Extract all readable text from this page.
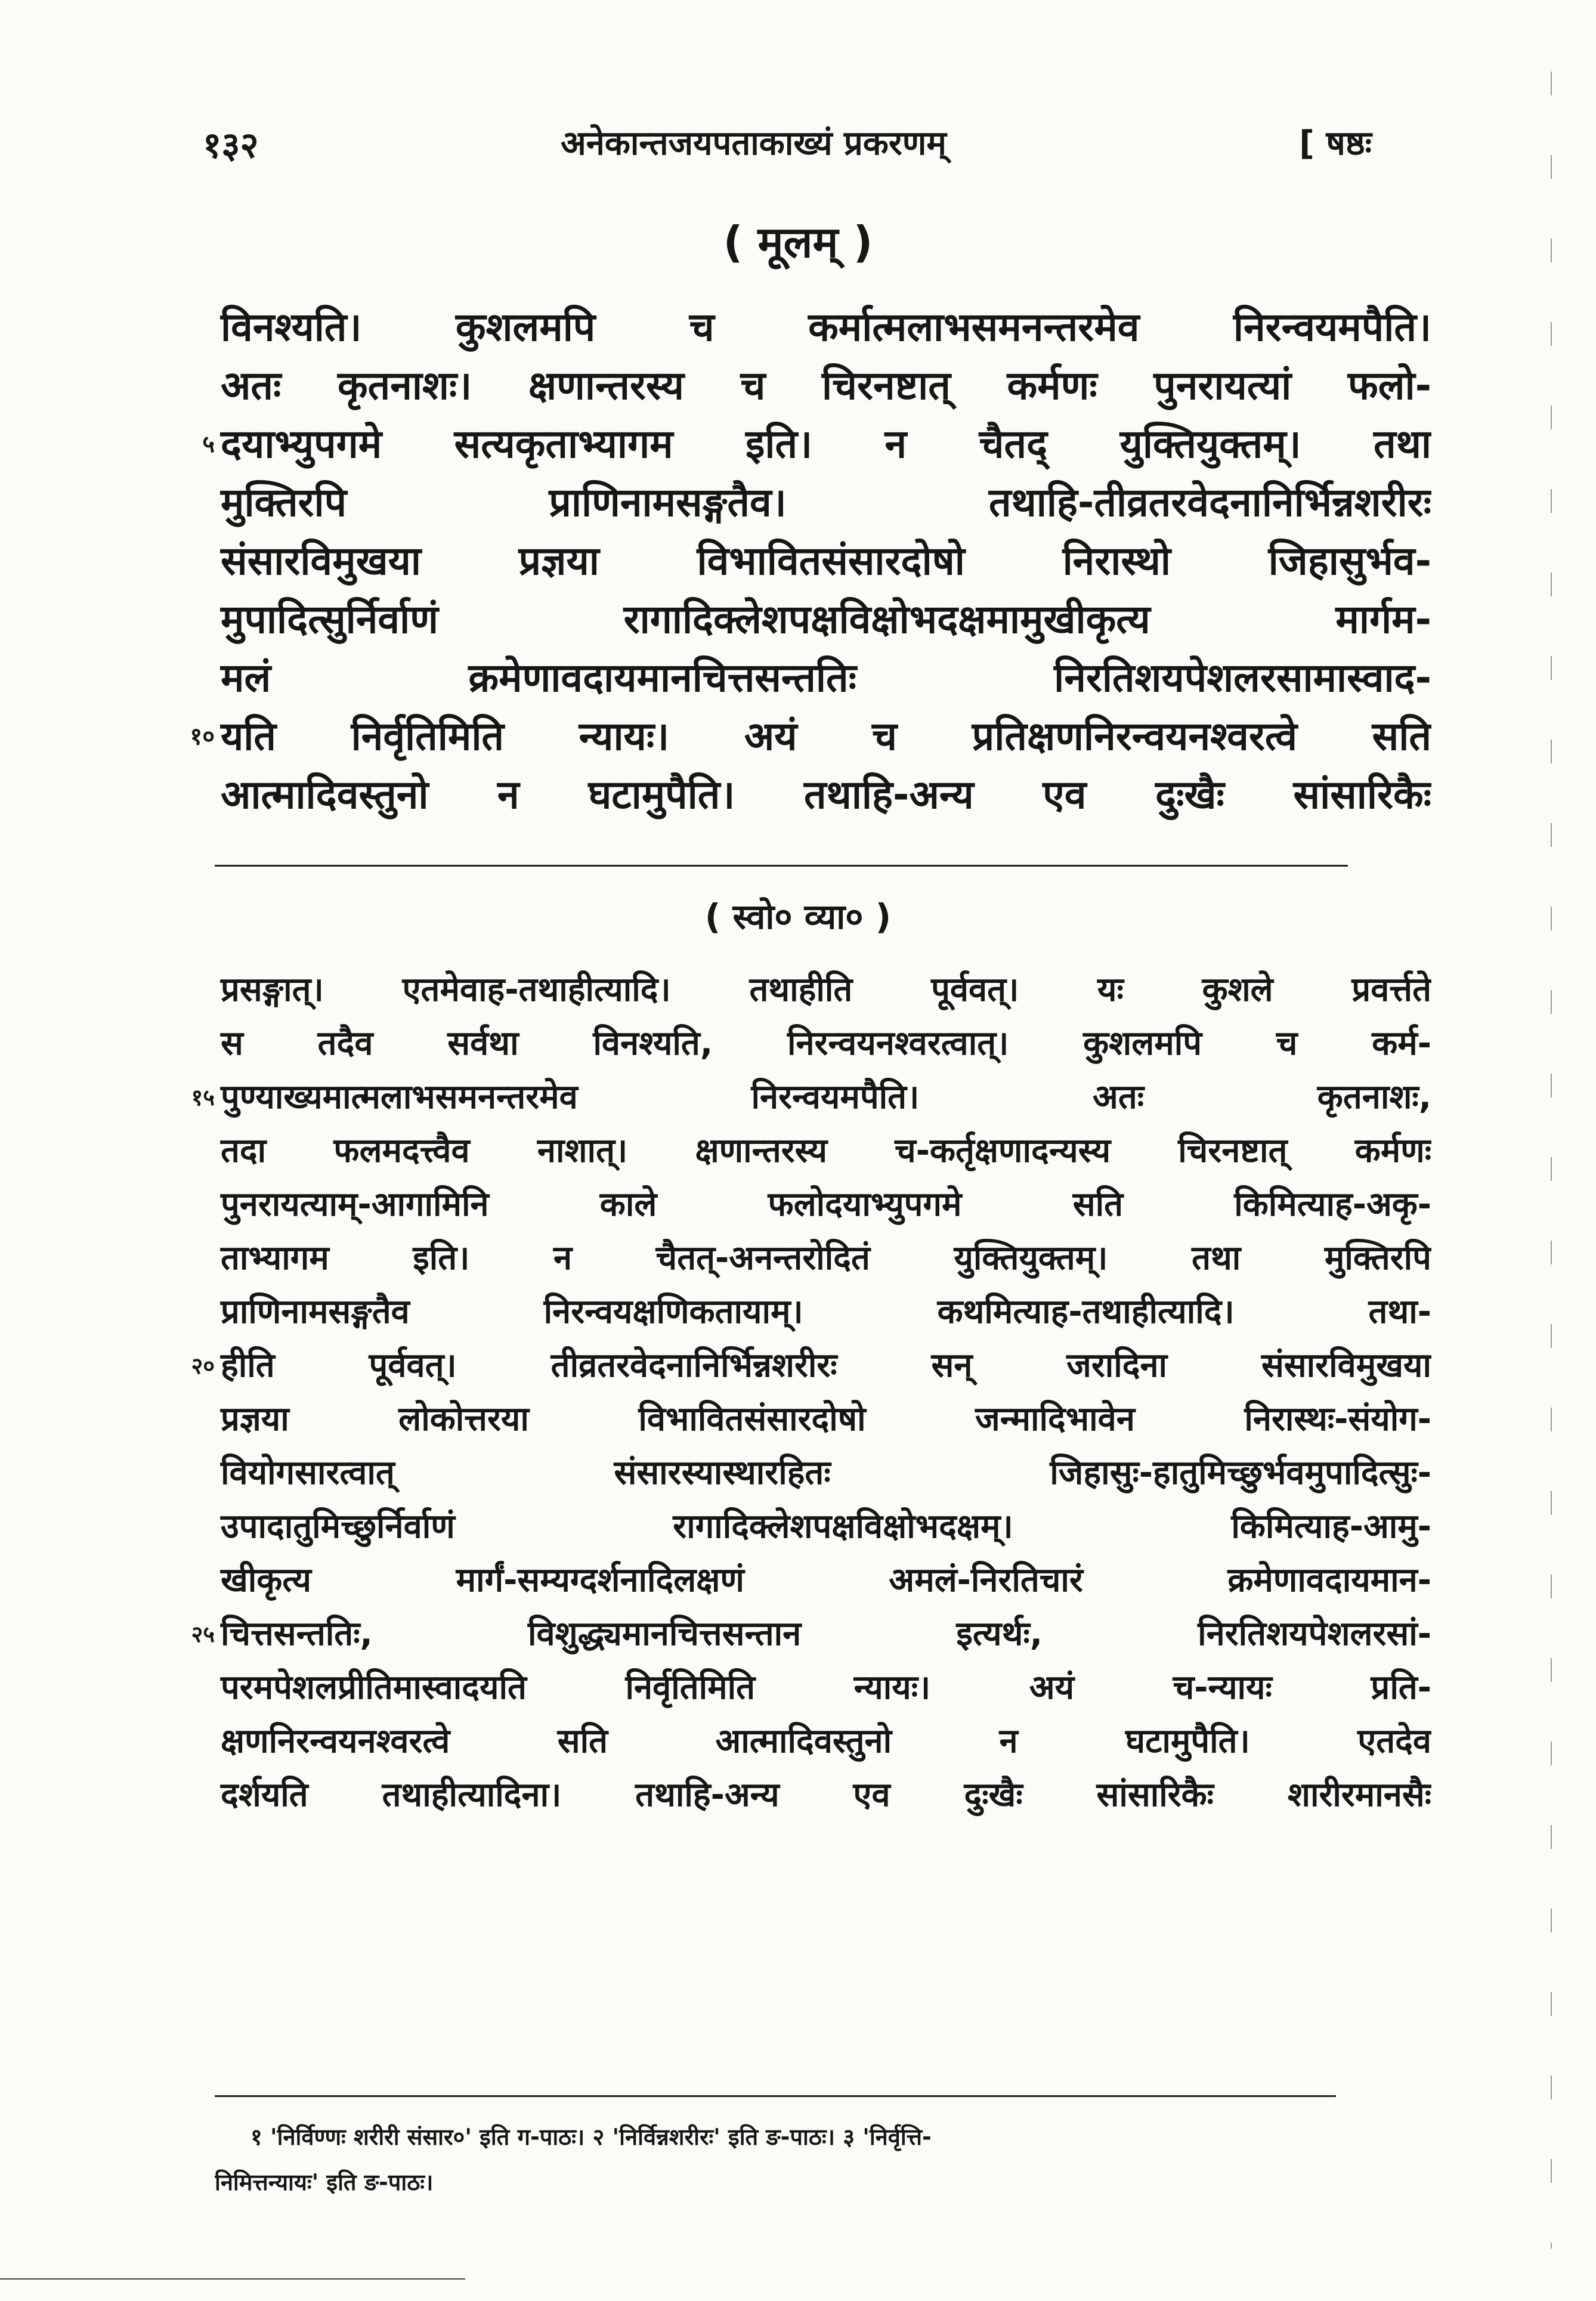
१३२	अनेकान्तजयपताकाख्यं प्रकरणम्	[ षष्ठः
( मूलम् )
विनश्यति। कुशलमपि च कर्मात्मलाभसमनन्तरमेव निरन्वयमपैति।
अतः कृतनाशः। क्षणान्तरस्य च चिरनष्टात् कर्मणः पुनरायत्यां फलो-
५ दयाभ्युपगमे सत्यकृताभ्यागम इति। न चैतद् युक्तियुक्तम्। तथा
मुक्तिरपि प्राणिनामसङ्गतैव। तथाहि-तीव्रतरवेदनानिर्भिन्नशरीरः
संसारविमुखया प्रज्ञया विभावितसंसारदोषो निरास्थो जिहासुर्भव-
मुपादित्सुर्निर्वाणं रागादिक्लेशपक्षविक्षोभदक्षमामुखीकृत्य मार्गम-
मलं क्रमेणावदायमानचित्तसन्ततिः निरतिशयपेशलरसामास्वाद-
१० यति निर्वृतिमिति न्यायः। अयं च प्रतिक्षणनिरन्वयनश्वरत्वे सति
आत्मादिवस्तुनो न घटामुपैति। तथाहि-अन्य एव दुःखैः सांसारिकैः
( स्वो० व्या० )
प्रसङ्गात्। एतमेवाह-तथाहीत्यादि। तथाहीति पूर्ववत्। यः कुशले प्रवर्त्तते
स तदैव सर्वथा विनश्यति, निरन्वयनश्वरत्वात्। कुशलमपि च कर्म-
१५ पुण्याख्यमात्मलाभसमनन्तरमेव निरन्वयमपैति। अतः कृतनाशः,
तदा फलमदत्त्वैव नाशात्। क्षणान्तरस्य च-कर्तृक्षणादन्यस्य चिरनष्टात् कर्मणः
पुनरायत्याम्-आगामिनि काले फलोदयाभ्युपगमे सति किमित्याह-अकृ-
ताभ्यागम इति। न चैतत्-अनन्तरोदितं युक्तियुक्तम्। तथा मुक्तिरपि
प्राणिनामसङ्गतैव निरन्वयक्षणिकतायाम्। कथमित्याह-तथाहीत्यादि। तथा-
२० हीति पूर्ववत्। तीव्रतरवेदनानिर्भिन्नशरीरः सन् जरादिना संसारविमुखया
प्रज्ञया लोकोत्तरया विभावितसंसारदोषो जन्मादिभावेन निरास्थः-संयोग-
वियोगसारत्वात् संसारस्यास्थारहितः जिहासुः-हातुमिच्छुर्भवमुपादित्सुः-
उपादातुमिच्छुर्निर्वाणं रागादिक्लेशपक्षविक्षोभदक्षम्। किमित्याह-आमु-
खीकृत्य मार्गं-सम्यग्दर्शनादिलक्षणं अमलं-निरतिचारं क्रमेणावदायमान-
२५ चित्तसन्ततिः, विशुद्ध्यमानचित्तसन्तान इत्यर्थः, निरतिशयपेशलरसां-
परमपेशलप्रीतिमास्वादयति निर्वृतिमिति न्यायः। अयं च-न्यायः प्रति-
क्षणनिरन्वयनश्वरत्वे सति आत्मादिवस्तुनो न घटामुपैति। एतदेव
दर्शयति तथाहीत्यादिना। तथाहि-अन्य एव दुःखैः सांसारिकैः शारीरमानसैः
१ 'निर्विण्णः शरीरी संसार०' इति ग-पाठः। २ 'निर्विन्नशरीरः' इति ङ-पाठः। ३ 'निर्वृत्ति-
निमित्तन्यायः' इति ङ-पाठः।
